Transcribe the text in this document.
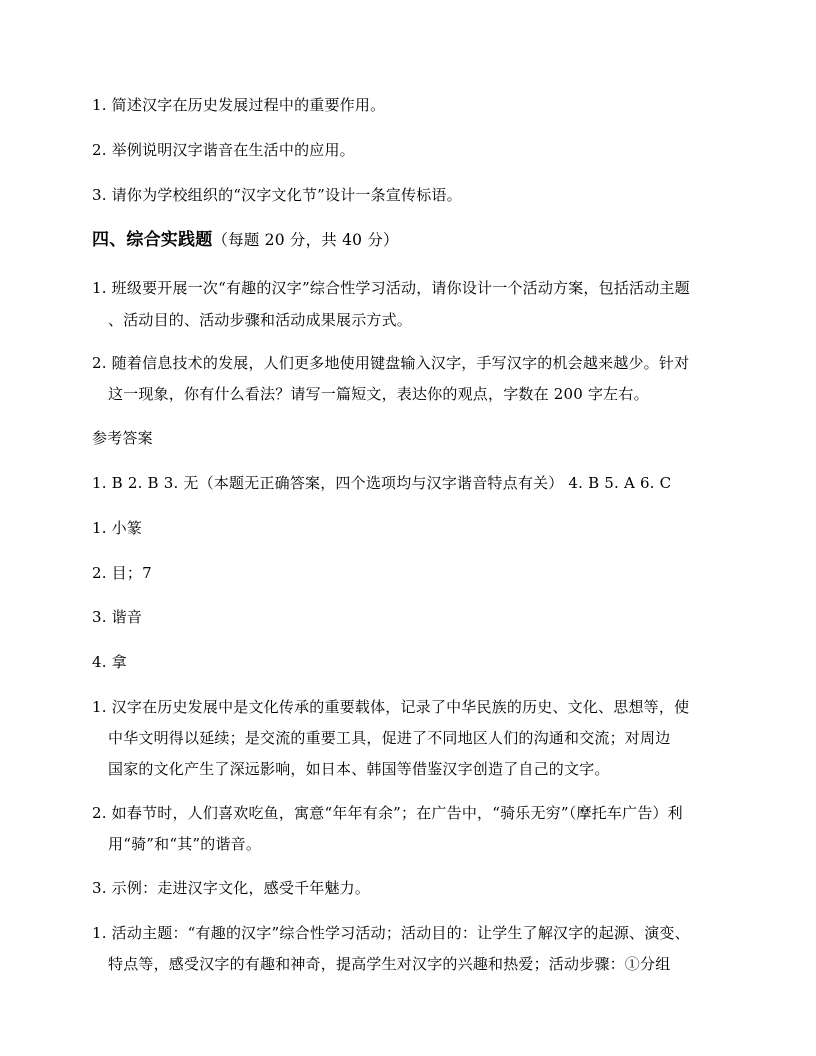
1. 简述汉字在历史发展过程中的重要作用。
2. 举例说明汉字谐音在生活中的应用。
3. 请你为学校组织的“汉字文化节”设计一条宣传标语。
四、综合实践题（每题 20 分，共 40 分）
1. 班级要开展一次“有趣的汉字”综合性学习活动，请你设计一个活动方案，包括活动主题
、活动目的、活动步骤和活动成果展示方式。
2. 随着信息技术的发展，人们更多地使用键盘输入汉字，手写汉字的机会越来越少。针对
这一现象，你有什么看法？请写一篇短文，表达你的观点，字数在 200 字左右。
参考答案
1. B 2. B 3. 无（本题无正确答案，四个选项均与汉字谐音特点有关） 4. B 5. A 6. C
1. 小篆
2. 目；7
3. 谐音
4. 拿
1. 汉字在历史发展中是文化传承的重要载体，记录了中华民族的历史、文化、思想等，使
中华文明得以延续；是交流的重要工具，促进了不同地区人们的沟通和交流；对周边
国家的文化产生了深远影响，如日本、韩国等借鉴汉字创造了自己的文字。
2. 如春节时，人们喜欢吃鱼，寓意“年年有余”；在广告中，“骑乐无穷”（摩托车广告）利
用“骑”和“其”的谐音。
3. 示例：走进汉字文化，感受千年魅力。
1. 活动主题：“有趣的汉字”综合性学习活动；活动目的：让学生了解汉字的起源、演变、
特点等，感受汉字的有趣和神奇，提高学生对汉字的兴趣和热爱；活动步骤：①分组
